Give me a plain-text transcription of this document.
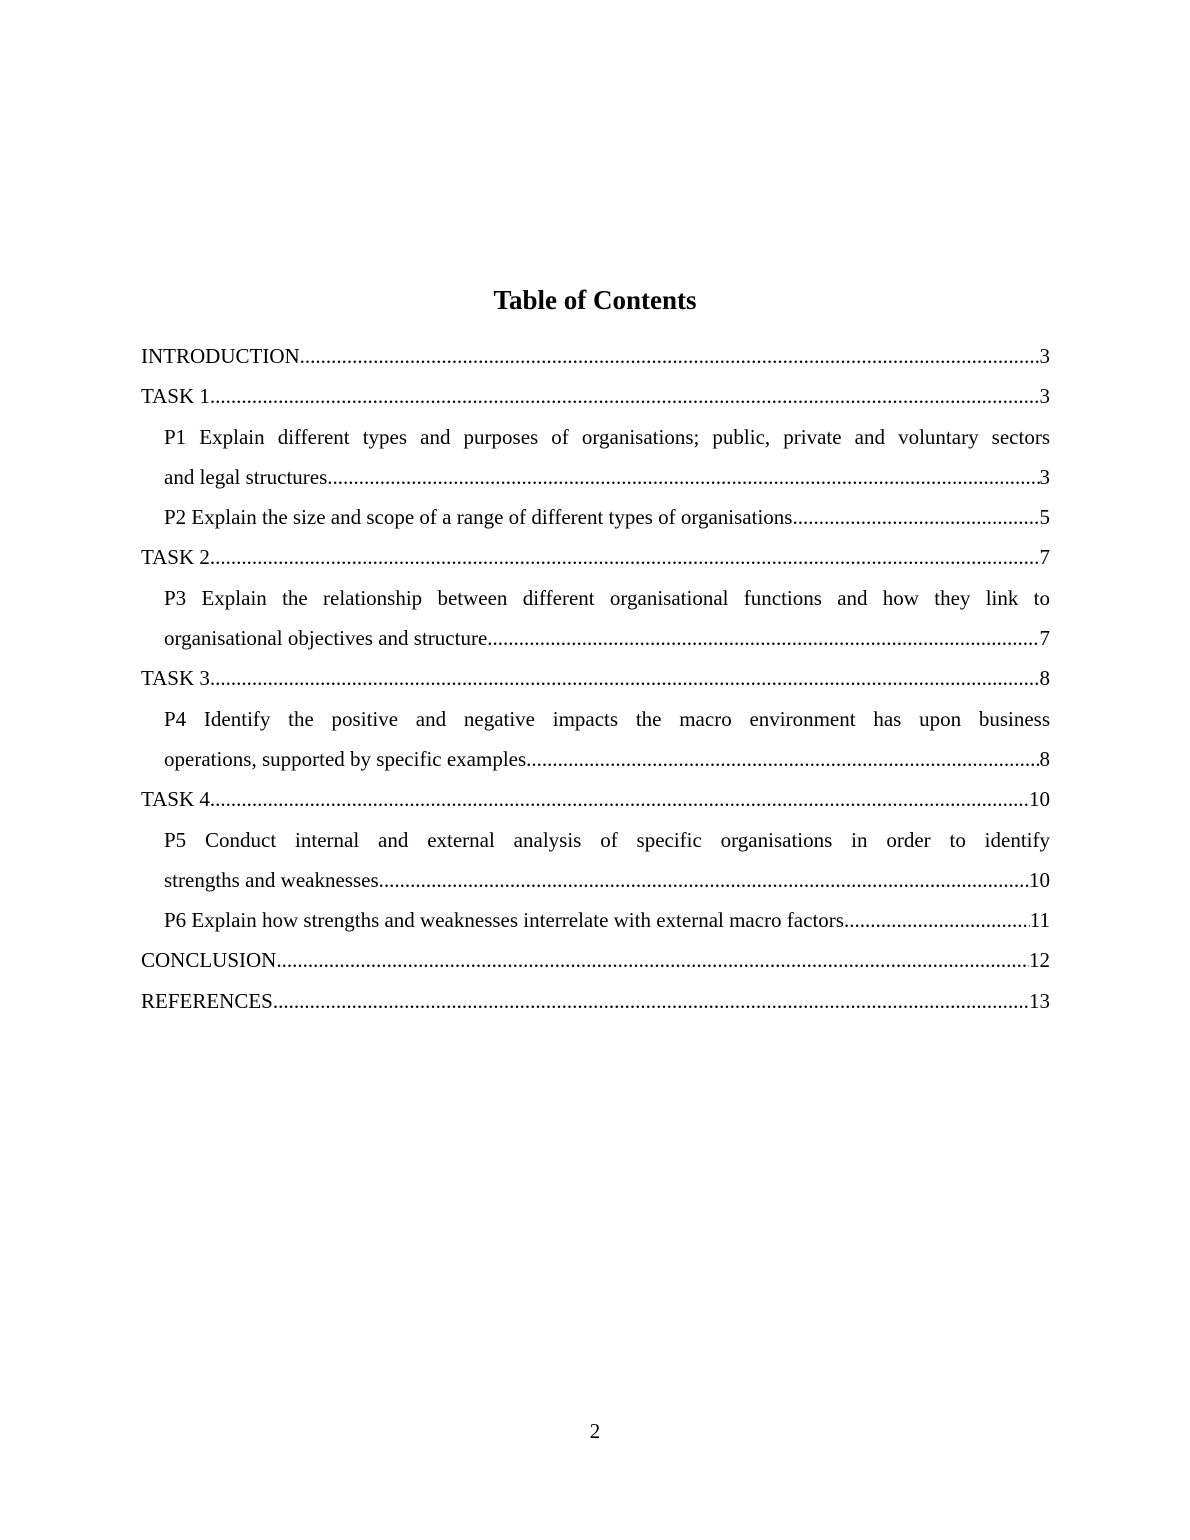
Table of Contents
INTRODUCTION .....	3
TASK 1 .....	3
P1 Explain different types and purposes of organisations; public, private and voluntary sectors
and legal structures .....	3
P2 Explain the size and scope of a range of different types of organisations .....	5
TASK 2 .....	7
P3 Explain the relationship between different organisational functions and how they link to
organisational objectives and structure .....	7
TASK 3 .....	8
P4 Identify the positive and negative impacts the macro environment has upon business
operations, supported by specific examples .....	8
TASK 4 .....	10
P5 Conduct internal and external analysis of specific organisations in order to identify
strengths and weaknesses .....	10
P6 Explain how strengths and weaknesses interrelate with external macro factors .....	11
CONCLUSION .....	12
REFERENCES .....	13
2
